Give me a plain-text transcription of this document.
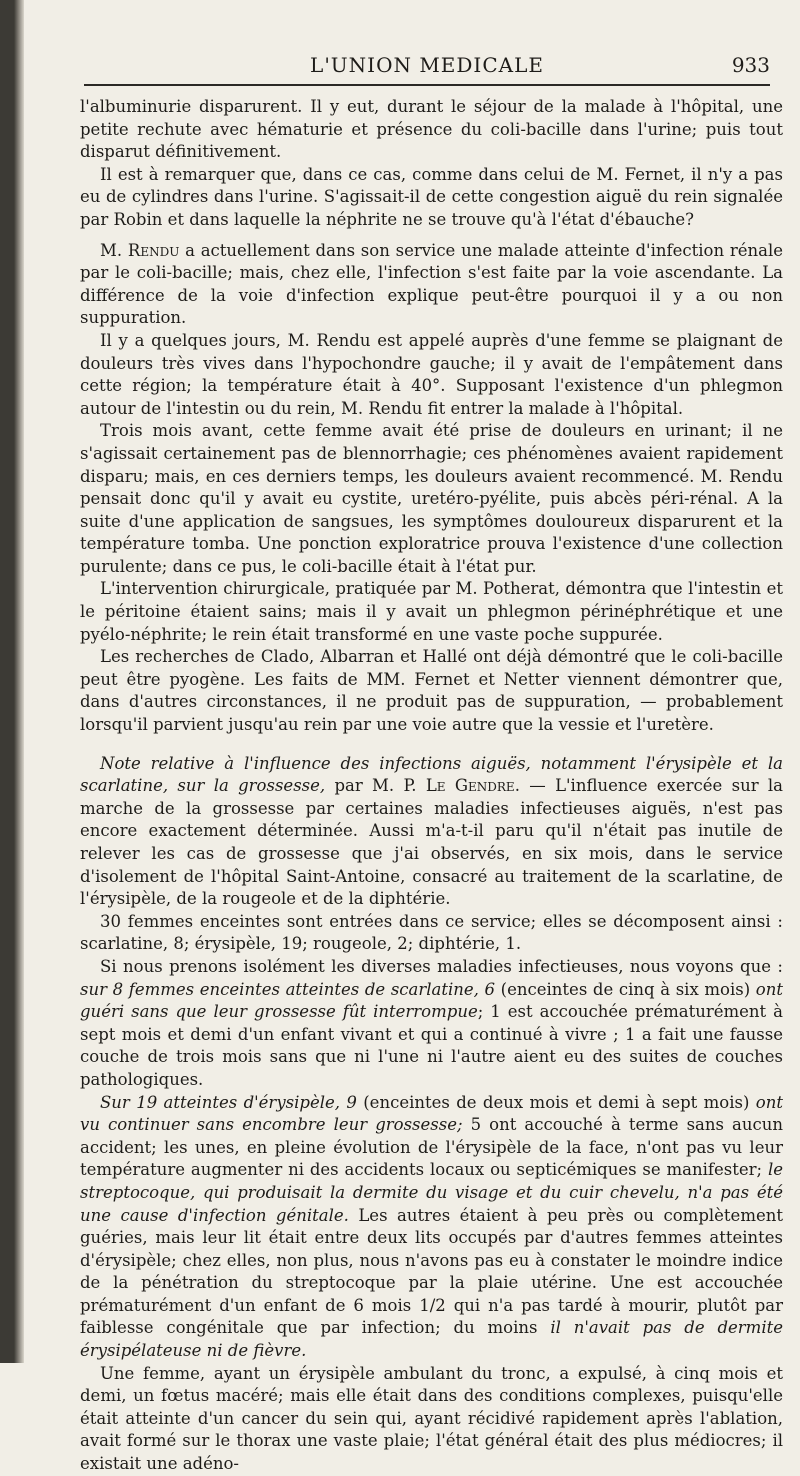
L'UNION MEDICALE	933

l'albuminurie disparurent. Il y eut, durant le séjour de la malade à l'hôpital, une petite rechute avec hématurie et présence du coli-bacille dans l'urine; puis tout disparut définitivement.

Il est à remarquer que, dans ce cas, comme dans celui de M. Fernet, il n'y a pas eu de cylindres dans l'urine. S'agissait-il de cette congestion aiguë du rein signalée par Robin et dans laquelle la néphrite ne se trouve qu'à l'état d'ébauche?

M. Rendu a actuellement dans son service une malade atteinte d'infection rénale par le coli-bacille; mais, chez elle, l'infection s'est faite par la voie ascendante. La différence de la voie d'infection explique peut-être pourquoi il y a ou non suppuration.

Il y a quelques jours, M. Rendu est appelé auprès d'une femme se plaignant de douleurs très vives dans l'hypochondre gauche; il y avait de l'empâtement dans cette région; la température était à 40°. Supposant l'existence d'un phlegmon autour de l'intestin ou du rein, M. Rendu fit entrer la malade à l'hôpital.

Trois mois avant, cette femme avait été prise de douleurs en urinant; il ne s'agissait certainement pas de blennorrhagie; ces phénomènes avaient rapidement disparu; mais, en ces derniers temps, les douleurs avaient recommencé. M. Rendu pensait donc qu'il y avait eu cystite, uretéro-pyélite, puis abcès péri-rénal. A la suite d'une application de sangsues, les symptômes douloureux disparurent et la température tomba. Une ponction exploratrice prouva l'existence d'une collection purulente; dans ce pus, le coli-bacille était à l'état pur.

L'intervention chirurgicale, pratiquée par M. Potherat, démontra que l'intestin et le péritoine étaient sains; mais il y avait un phlegmon périnéphrétique et une pyélo-néphrite; le rein était transformé en une vaste poche suppurée.

Les recherches de Clado, Albarran et Hallé ont déjà démontré que le coli-bacille peut être pyogène. Les faits de MM. Fernet et Netter viennent démontrer que, dans d'autres circonstances, il ne produit pas de suppuration, — probablement lorsqu'il parvient jusqu'au rein par une voie autre que la vessie et l'uretère.

Note relative à l'influence des infections aiguës, notamment l'érysipèle et la scarlatine, sur la grossesse, par M. P. Le Gendre. — L'influence exercée sur la marche de la grossesse par certaines maladies infectieuses aiguës, n'est pas encore exactement déterminée. Aussi m'a-t-il paru qu'il n'était pas inutile de relever les cas de grossesse que j'ai observés, en six mois, dans le service d'isolement de l'hôpital Saint-Antoine, consacré au traitement de la scarlatine, de l'érysipèle, de la rougeole et de la diphtérie.

30 femmes enceintes sont entrées dans ce service; elles se décomposent ainsi : scarlatine, 8; érysipèle, 19; rougeole, 2; diphtérie, 1.

Si nous prenons isolément les diverses maladies infectieuses, nous voyons que : sur 8 femmes enceintes atteintes de scarlatine, 6 (enceintes de cinq à six mois) ont guéri sans que leur grossesse fût interrompue; 1 est accouchée prématurément à sept mois et demi d'un enfant vivant et qui a continué à vivre ; 1 a fait une fausse couche de trois mois sans que ni l'une ni l'autre aient eu des suites de couches pathologiques.

Sur 19 atteintes d'érysipèle, 9 (enceintes de deux mois et demi à sept mois) ont vu continuer sans encombre leur grossesse; 5 ont accouché à terme sans aucun accident; les unes, en pleine évolution de l'érysipèle de la face, n'ont pas vu leur température augmenter ni des accidents locaux ou septicémiques se manifester; le streptocoque, qui produisait la dermite du visage et du cuir chevelu, n'a pas été une cause d'infection génitale. Les autres étaient à peu près ou complètement guéries, mais leur lit était entre deux lits occupés par d'autres femmes atteintes d'érysipèle; chez elles, non plus, nous n'avons pas eu à constater le moindre indice de la pénétration du streptocoque par la plaie utérine. Une est accouchée prématurément d'un enfant de 6 mois 1/2 qui n'a pas tardé à mourir, plutôt par faiblesse congénitale que par infection; du moins il n'avait pas de dermite érysipélateuse ni de fièvre.

Une femme, ayant un érysipèle ambulant du tronc, a expulsé, à cinq mois et demi, un fœtus macéré; mais elle était dans des conditions complexes, puisqu'elle était atteinte d'un cancer du sein qui, ayant récidivé rapidement après l'ablation, avait formé sur le thorax une vaste plaie; l'état général était des plus médiocres; il existait une adéno-
